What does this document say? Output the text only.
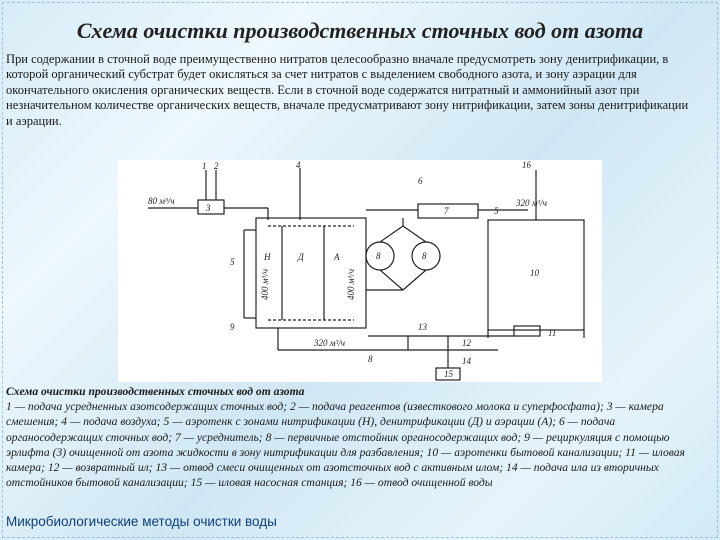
Схема очистки производственных сточных вод от азота
При содержании в сточной воде преимущественно нитратов целесообразно вначале предусмотреть зону денитрификации, в которой органический субстрат будет окисляться за счет нитратов с выделением свободного азота, и зону аэрации для окончательного окисления органических веществ. Если в сточной воде содержатся нитратный и аммонийный азот при незначительном количестве органических веществ, вначале предусматривают зону нитрификации, затем зоны денитрификации и аэрации.
2
1	4
80 м³/ч
3
5
9
Н	Д	А
400 м³/ч	400 м³/ч
8	8
7	5
320 м³/ч
16
10
11
13
12
14
15
320 м³/ч
8
6
Схема очистки производственных сточных вод от азота
1 — подача усредненных азотсодержащих сточных вод; 2 — подача реагентов (известкового молока и суперфосфата); 3 — камера смешения; 4 — подача воздуха; 5 — аэротенк с зонами нитрификации (Н), денитрификации (Д) и аэрации (А); 6 — подача органосодержащих сточных вод; 7 — усреднитель; 8 — первичные отстойник органосодержащих вод; 9 — рециркуляция с помощью эрлифта (3) очищенной от азота жидкости в зону нитрификации для разбавления; 10 — аэротенки бытовой канализации; 11 — иловая камера; 12 — возвратный ил; 13 — отвод смеси очищенных от азотсточных вод с активным илом; 14 — подача ила из вторичных отстойников бытовой канализации; 15 — иловая насосная станция; 16 — отвод очищенной воды
Микробиологические методы очистки воды
